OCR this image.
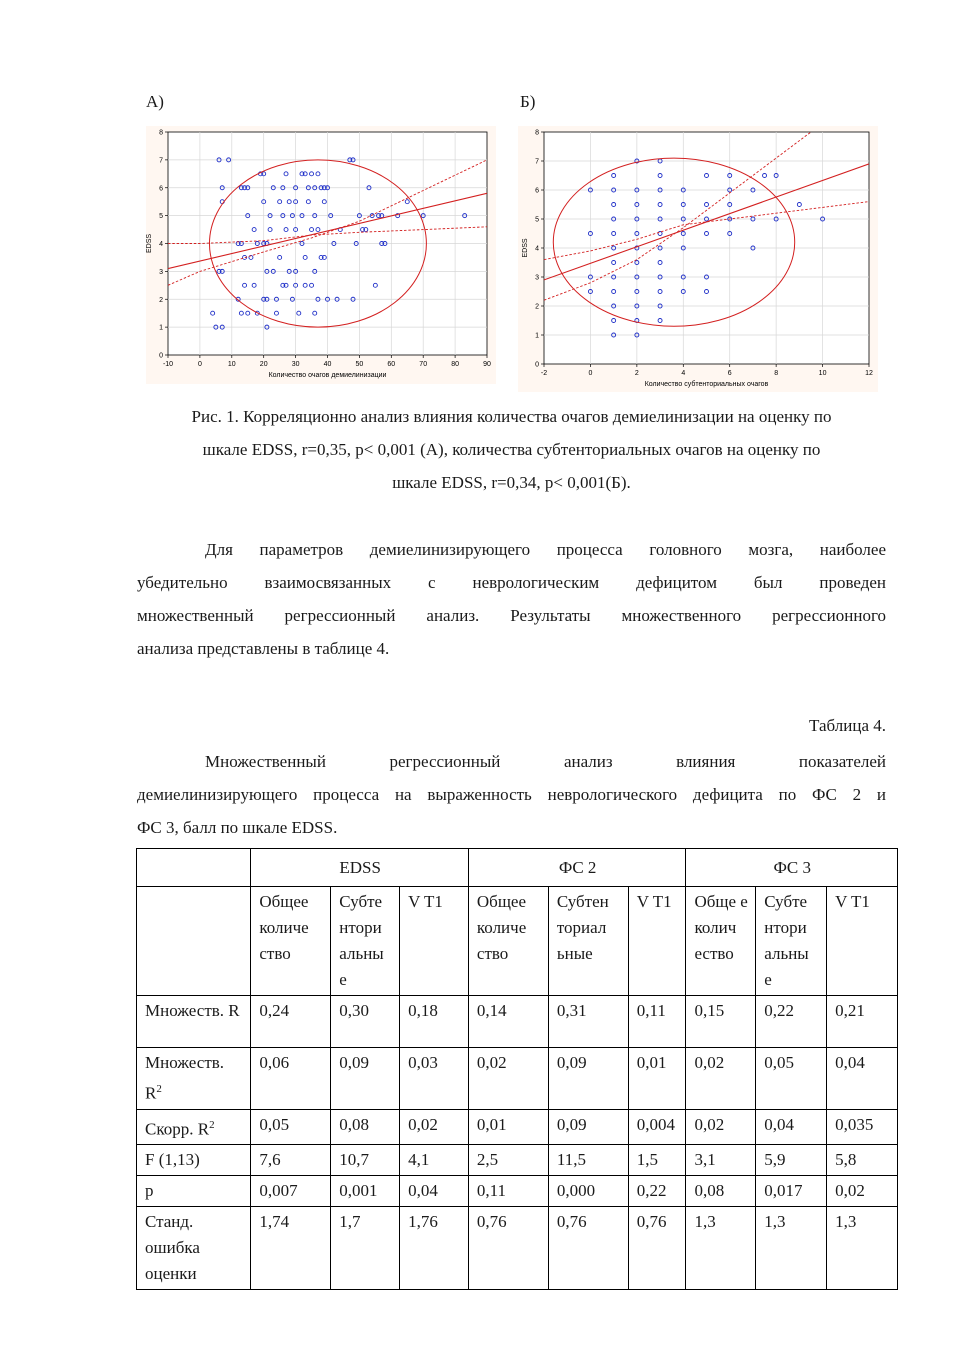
А)	Б)
-10	0	10	20	30	40	50	60	70	80	90
0
1
2
3
4
5
6
7
8
Количество очагов демиелинизации
EDSS
-2	0	2	4	6	8	10	12
0
1
2
3
4
5
6
7
8
Количество субтенториальных очагов
EDSS
Рис. 1. Корреляционно анализ влияния количества очагов демиелинизации на оценку по
шкале EDSS, r=0,35, p< 0,001 (А), количества субтенториальных очагов на оценку по
шкале EDSS, r=0,34, p< 0,001(Б).
Для параметров демиелинизирующего процесса головного мозга, наиболее
убедительно взаимосвязанных с неврологическим дефицитом был проведен
множественный регрессионный анализ. Результаты множественного регрессионного
анализа представлены в таблице 4.
Таблица 4.
Множественный регрессионный анализ влияния показателей
демиелинизирующего процесса на выраженность неврологического дефицита по ФС 2 и
ФС 3, балл по шкале EDSS.
	EDSS			ФС 2			ФС 3		
	Общее количе ство	Субте нтори альны е	V T1	Общее количе ство	Субтен ториал ьные	V T1	Обще е колич ество	Субте нтори альны е	V T1
Множеств. R	0,24	0,30	0,18	0,14	0,31	0,11	0,15	0,22	0,21
Множеств. $R^2$	0,06	0,09	0,03	0,02	0,09	0,01	0,02	0,05	0,04
Скорр. $R^2$	0,05	0,08	0,02	0,01	0,09	0,004	0,02	0,04	0,035
F (1,13)	7,6	10,7	4,1	2,5	11,5	1,5	3,1	5,9	5,8
p	0,007	0,001	0,04	0,11	0,000	0,22	0,08	0,017	0,02
Станд. ошибка оценки	1,74	1,7	1,76	0,76	0,76	0,76	1,3	1,3	1,3
